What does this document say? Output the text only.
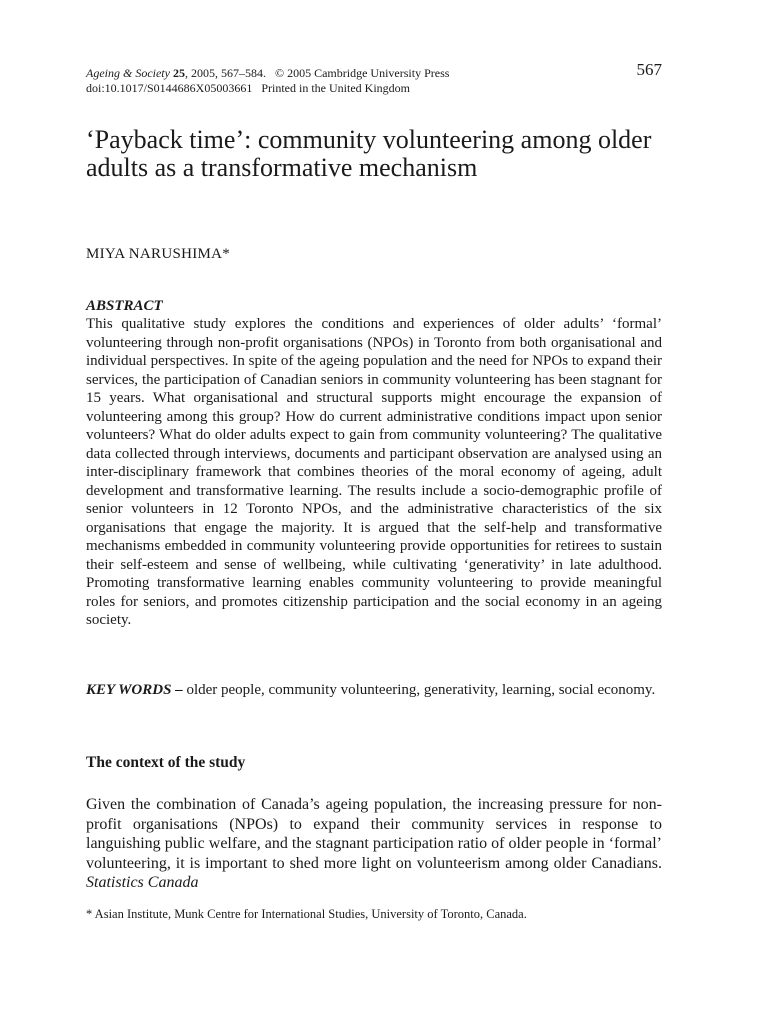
Ageing & Society 25, 2005, 567–584. © 2005 Cambridge University Press
doi:10.1017/S0144686X05003661 Printed in the United Kingdom
567
‘Payback time’: community volunteering among older adults as a transformative mechanism
MIYA NARUSHIMA*
ABSTRACT

This qualitative study explores the conditions and experiences of older adults’ ‘formal’ volunteering through non-profit organisations (NPOs) in Toronto from both organisational and individual perspectives. In spite of the ageing population and the need for NPOs to expand their services, the participation of Canadian seniors in community volunteering has been stagnant for 15 years. What organisational and structural supports might encourage the expansion of volunteering among this group? How do current administrative conditions impact upon senior volunteers? What do older adults expect to gain from community volunteering? The qualitative data collected through interviews, documents and participant observation are analysed using an inter-disciplinary framework that combines theories of the moral economy of ageing, adult development and transformative learning. The results include a socio-demographic profile of senior volunteers in 12 Toronto NPOs, and the administrative characteristics of the six organisations that engage the majority. It is argued that the self-help and transformative mechanisms embedded in community volunteering provide opportunities for retirees to sustain their self-esteem and sense of wellbeing, while cultivating ‘generativity’ in late adulthood. Promoting transformative learning enables community volunteering to provide meaningful roles for seniors, and promotes citizenship participation and the social economy in an ageing society.

KEY WORDS – older people, community volunteering, generativity, learning, social economy.

The context of the study

Given the combination of Canada’s ageing population, the increasing pressure for non-profit organisations (NPOs) to expand their community services in response to languishing public welfare, and the stagnant participation ratio of older people in ‘formal’ volunteering, it is important to shed more light on volunteerism among older Canadians. Statistics Canada

* Asian Institute, Munk Centre for International Studies, University of Toronto, Canada.
